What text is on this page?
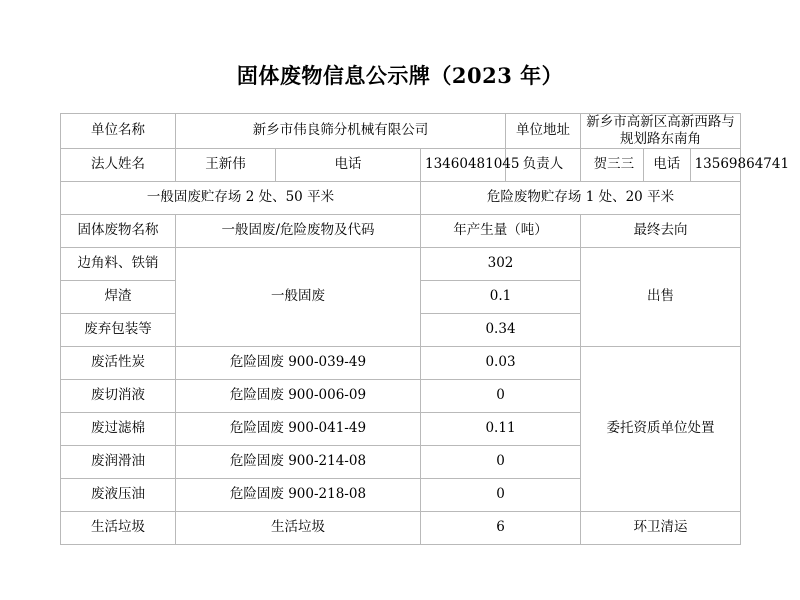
固体废物信息公示牌（2023 年）
单位名称	新乡市伟良筛分机械有限公司	单位地址	新乡市高新区高新西路与规划路东南角
法人姓名	王新伟	电话	13460481045	负责人	贺三三	电话	13569864741

一般固废贮存场 2 处、50 平米	危险废物贮存场 1 处、20 平米
固体废物名称	一般固废/危险废物及代码	年产生量（吨）	最终去向
边角料、铁销	一般固废	302	出售
焊渣	0.1
废弃包装等	0.34
废活性炭	危险固废 900-039-49	0.03	委托资质单位处置
废切消液	危险固废 900-006-09	0
废过滤棉	危险固废 900-041-49	0.11
废润滑油	危险固废 900-214-08	0
废液压油	危险固废 900-218-08	0
生活垃圾	生活垃圾	6	环卫清运
